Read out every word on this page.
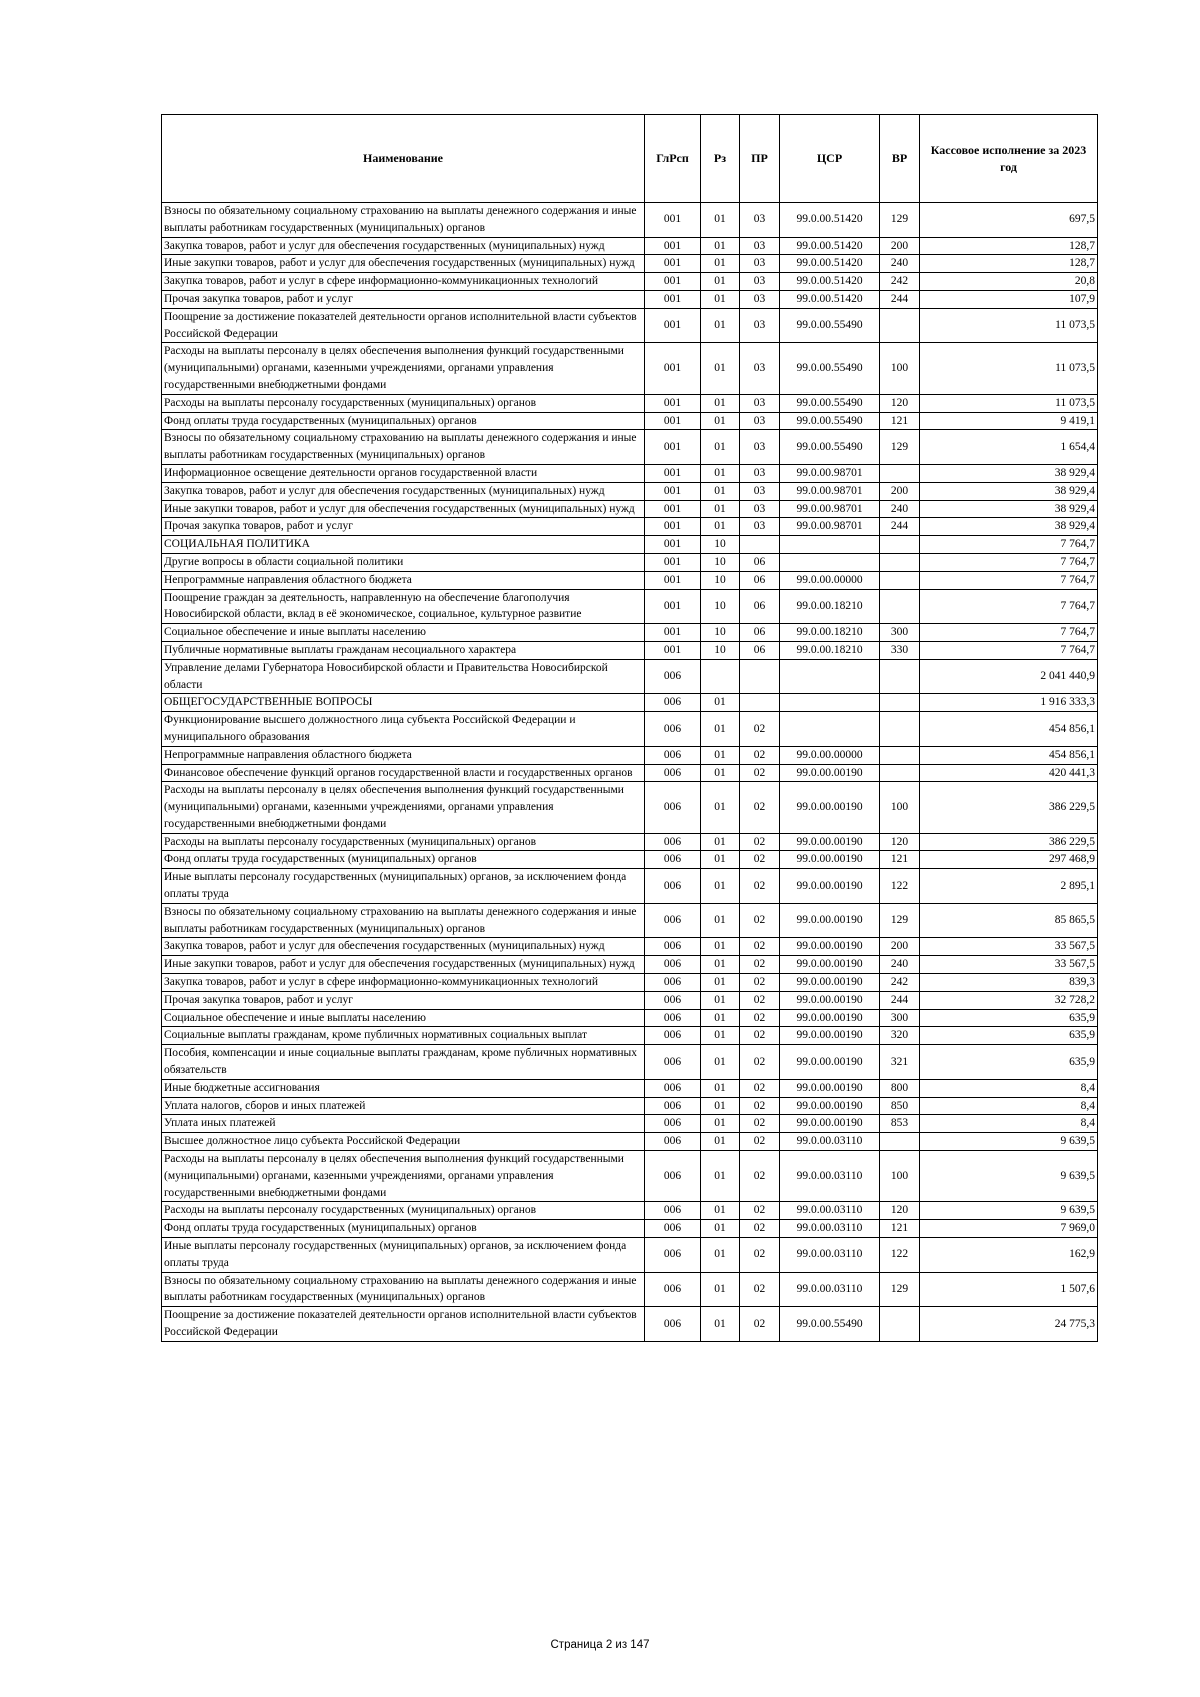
Наименование	ГлРсп	Рз	ПР	ЦСР	ВР	Кассовое исполнение за 2023 год
Взносы по обязательному социальному страхованию на выплаты денежного содержания и иные выплаты работникам государственных (муниципальных) органов	001	01	03	99.0.00.51420	129	697,5
Закупка товаров, работ и услуг для обеспечения государственных (муниципальных) нужд	001	01	03	99.0.00.51420	200	128,7
Иные закупки товаров, работ и услуг для обеспечения государственных (муниципальных) нужд	001	01	03	99.0.00.51420	240	128,7
Закупка товаров, работ и услуг в сфере информационно-коммуникационных технологий	001	01	03	99.0.00.51420	242	20,8
Прочая закупка товаров, работ и услуг	001	01	03	99.0.00.51420	244	107,9
Поощрение за достижение показателей деятельности органов исполнительной власти субъектов Российской Федерации	001	01	03	99.0.00.55490		11 073,5
Расходы на выплаты персоналу в целях обеспечения выполнения функций государственными (муниципальными) органами, казенными учреждениями, органами управления государственными внебюджетными фондами	001	01	03	99.0.00.55490	100	11 073,5
Расходы на выплаты персоналу государственных (муниципальных) органов	001	01	03	99.0.00.55490	120	11 073,5
Фонд оплаты труда государственных (муниципальных) органов	001	01	03	99.0.00.55490	121	9 419,1
Взносы по обязательному социальному страхованию на выплаты денежного содержания и иные выплаты работникам государственных (муниципальных) органов	001	01	03	99.0.00.55490	129	1 654,4
Информационное освещение деятельности органов государственной власти	001	01	03	99.0.00.98701		38 929,4
Закупка товаров, работ и услуг для обеспечения государственных (муниципальных) нужд	001	01	03	99.0.00.98701	200	38 929,4
Иные закупки товаров, работ и услуг для обеспечения государственных (муниципальных) нужд	001	01	03	99.0.00.98701	240	38 929,4
Прочая закупка товаров, работ и услуг	001	01	03	99.0.00.98701	244	38 929,4
СОЦИАЛЬНАЯ ПОЛИТИКА	001	10				7 764,7
Другие вопросы в области социальной политики	001	10	06			7 764,7
Непрограммные направления областного бюджета	001	10	06	99.0.00.00000		7 764,7
Поощрение граждан за деятельность, направленную на обеспечение благополучия Новосибирской области, вклад в её экономическое, социальное, культурное развитие	001	10	06	99.0.00.18210		7 764,7
Социальное обеспечение и иные выплаты населению	001	10	06	99.0.00.18210	300	7 764,7
Публичные нормативные выплаты гражданам несоциального характера	001	10	06	99.0.00.18210	330	7 764,7
Управление делами Губернатора Новосибирской области и Правительства Новосибирской области	006					2 041 440,9
ОБЩЕГОСУДАРСТВЕННЫЕ ВОПРОСЫ	006	01				1 916 333,3
Функционирование высшего должностного лица субъекта Российской Федерации и муниципального образования	006	01	02			454 856,1
Непрограммные направления областного бюджета	006	01	02	99.0.00.00000		454 856,1
Финансовое обеспечение функций органов государственной власти и государственных органов	006	01	02	99.0.00.00190		420 441,3
Расходы на выплаты персоналу в целях обеспечения выполнения функций государственными (муниципальными) органами, казенными учреждениями, органами управления государственными внебюджетными фондами	006	01	02	99.0.00.00190	100	386 229,5
Расходы на выплаты персоналу государственных (муниципальных) органов	006	01	02	99.0.00.00190	120	386 229,5
Фонд оплаты труда государственных (муниципальных) органов	006	01	02	99.0.00.00190	121	297 468,9
Иные выплаты персоналу государственных (муниципальных) органов, за исключением фонда оплаты труда	006	01	02	99.0.00.00190	122	2 895,1
Взносы по обязательному социальному страхованию на выплаты денежного содержания и иные выплаты работникам государственных (муниципальных) органов	006	01	02	99.0.00.00190	129	85 865,5
Закупка товаров, работ и услуг для обеспечения государственных (муниципальных) нужд	006	01	02	99.0.00.00190	200	33 567,5
Иные закупки товаров, работ и услуг для обеспечения государственных (муниципальных) нужд	006	01	02	99.0.00.00190	240	33 567,5
Закупка товаров, работ и услуг в сфере информационно-коммуникационных технологий	006	01	02	99.0.00.00190	242	839,3
Прочая закупка товаров, работ и услуг	006	01	02	99.0.00.00190	244	32 728,2
Социальное обеспечение и иные выплаты населению	006	01	02	99.0.00.00190	300	635,9
Социальные выплаты гражданам, кроме публичных нормативных социальных выплат	006	01	02	99.0.00.00190	320	635,9
Пособия, компенсации и иные социальные выплаты гражданам, кроме публичных нормативных обязательств	006	01	02	99.0.00.00190	321	635,9
Иные бюджетные ассигнования	006	01	02	99.0.00.00190	800	8,4
Уплата налогов, сборов и иных платежей	006	01	02	99.0.00.00190	850	8,4
Уплата иных платежей	006	01	02	99.0.00.00190	853	8,4
Высшее должностное лицо субъекта Российской Федерации	006	01	02	99.0.00.03110		9 639,5
Расходы на выплаты персоналу в целях обеспечения выполнения функций государственными (муниципальными) органами, казенными учреждениями, органами управления государственными внебюджетными фондами	006	01	02	99.0.00.03110	100	9 639,5
Расходы на выплаты персоналу государственных (муниципальных) органов	006	01	02	99.0.00.03110	120	9 639,5
Фонд оплаты труда государственных (муниципальных) органов	006	01	02	99.0.00.03110	121	7 969,0
Иные выплаты персоналу государственных (муниципальных) органов, за исключением фонда оплаты труда	006	01	02	99.0.00.03110	122	162,9
Взносы по обязательному социальному страхованию на выплаты денежного содержания и иные выплаты работникам государственных (муниципальных) органов	006	01	02	99.0.00.03110	129	1 507,6
Поощрение за достижение показателей деятельности органов исполнительной власти субъектов Российской Федерации	006	01	02	99.0.00.55490		24 775,3
Страница 2 из 147
